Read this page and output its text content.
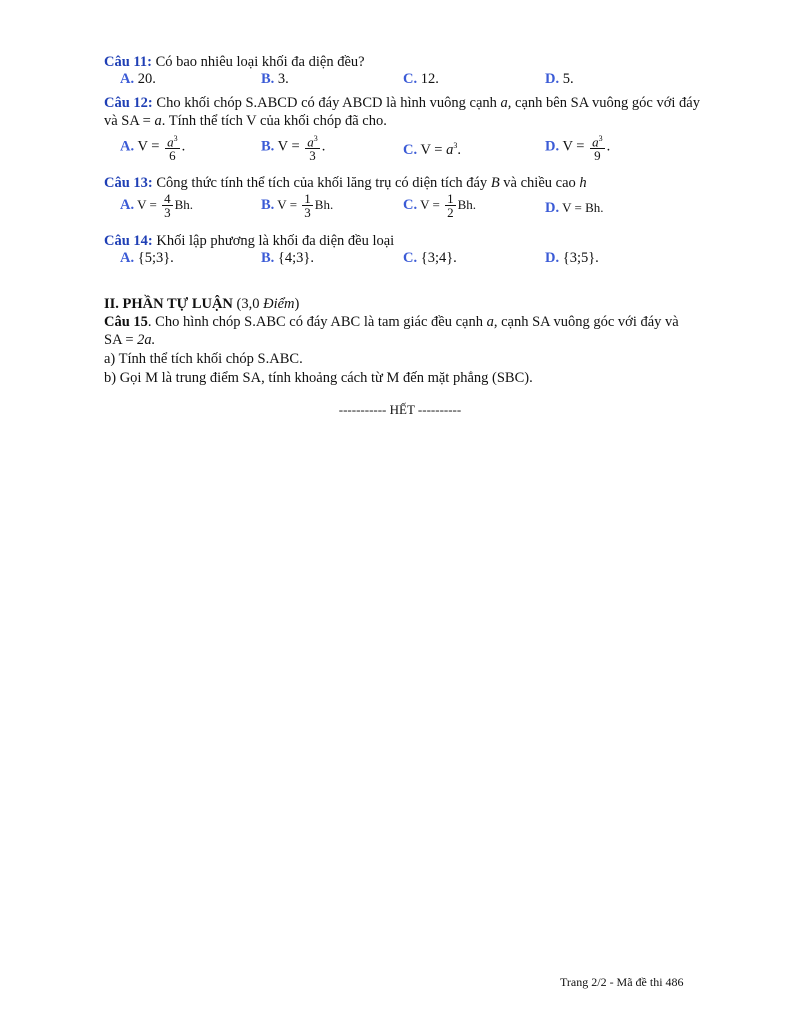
Câu 11: Có bao nhiêu loại khối đa diện đều?
A. 20.	B. 3.	C. 12.	D. 5.
Câu 12: Cho khối chóp S.ABCD có đáy ABCD là hình vuông cạnh a, cạnh bên SA vuông góc với đáy và SA = a. Tính thể tích V của khối chóp đã cho.
A. $V = \frac{a^3}{6}$ .	B. $V = \frac{a^3}{3}$ .	C. $V = a^3$.	D. $V = \frac{a^3}{9}$ .
Câu 13: Công thức tính thể tích của khối lăng trụ có diện tích đáy B và chiều cao h
A. $V = \frac{4}{3} Bh$.	B. $V = \frac{1}{3} Bh$.	C. $V = \frac{1}{2} Bh$.	D. V = Bh.
Câu 14: Khối lập phương là khối đa diện đều loại
A. {5;3}.	B. {4;3}.	C. {3;4}.	D. {3;5}.
II. PHẦN TỰ LUẬN (3,0 Điểm)
Câu 15. Cho hình chóp S.ABC có đáy ABC là tam giác đều cạnh a, cạnh SA vuông góc với đáy và SA = 2a.
a) Tính thể tích khối chóp S.ABC.
b) Gọi M là trung điểm SA, tính khoảng cách từ M đến mặt phẳng (SBC).
----------- HẾT ----------
Trang 2/2 - Mã đề thi 486
